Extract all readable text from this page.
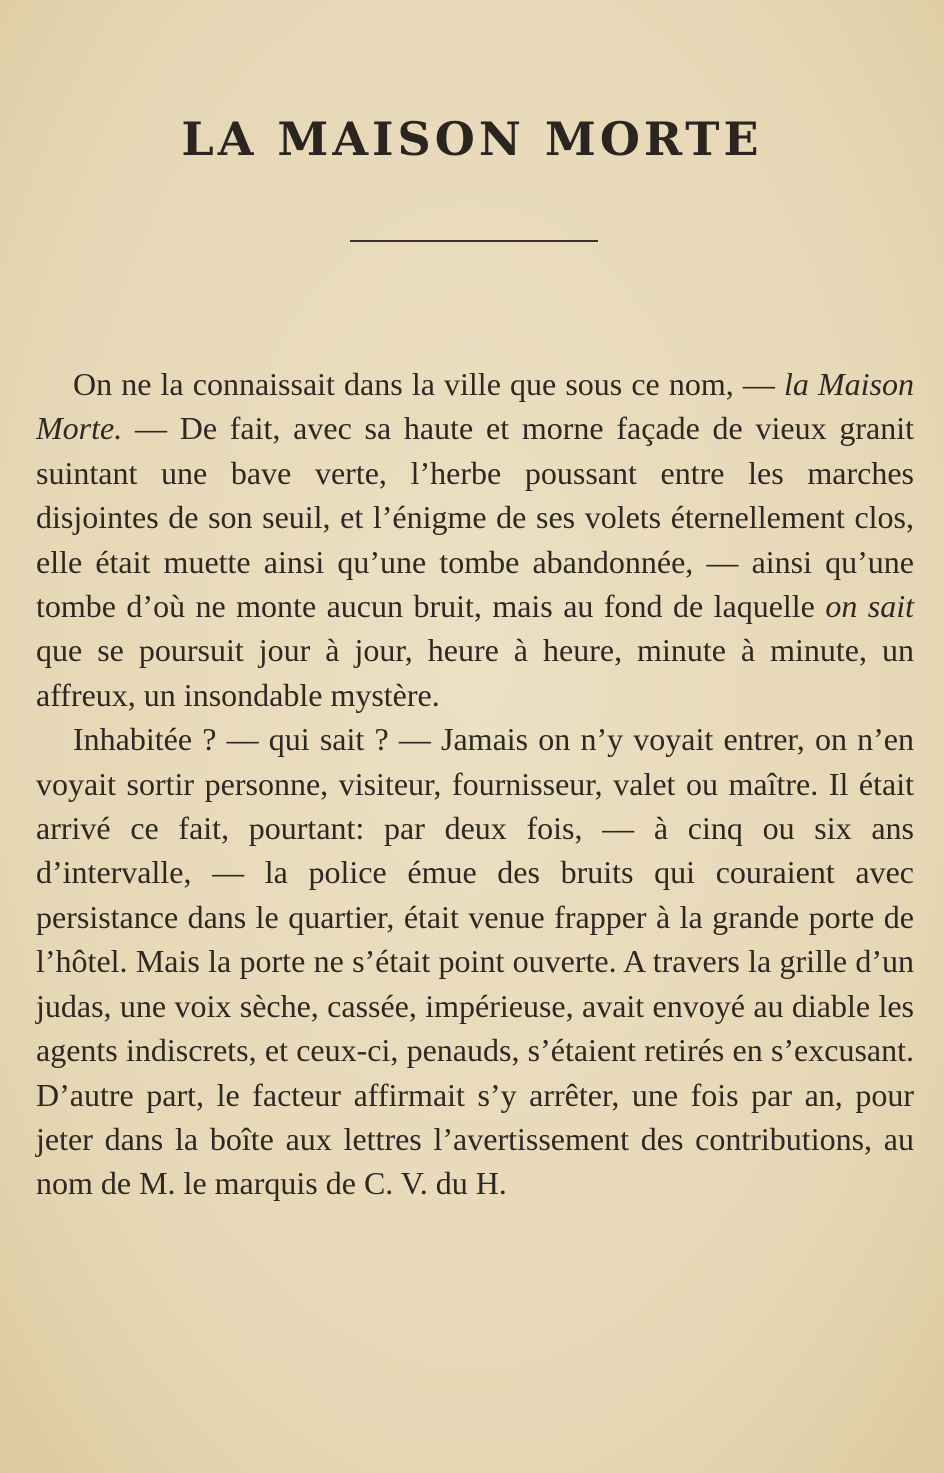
LA MAISON MORTE

On ne la connaissait dans la ville que sous ce nom, — la Maison Morte. — De fait, avec sa haute et morne façade de vieux granit suintant une bave verte, l’herbe poussant entre les marches disjointes de son seuil, et l’énigme de ses volets éternellement clos, elle était muette ainsi qu’une tombe abandonnée, — ainsi qu’une tombe d’où ne monte aucun bruit, mais au fond de laquelle on sait que se poursuit jour à jour, heure à heure, minute à minute, un affreux, un insondable mystère.

Inhabitée ? — qui sait ? — Jamais on n’y voyait entrer, on n’en voyait sortir personne, visiteur, fournisseur, valet ou maître. Il était arrivé ce fait, pourtant: par deux fois, — à cinq ou six ans d’intervalle, — la police émue des bruits qui couraient avec persistance dans le quartier, était venue frapper à la grande porte de l’hôtel. Mais la porte ne s’était point ouverte. A travers la grille d’un judas, une voix sèche, cassée, impérieuse, avait envoyé au diable les agents indiscrets, et ceux-ci, penauds, s’étaient retirés en s’excusant. D’autre part, le facteur affirmait s’y arrêter, une fois par an, pour jeter dans la boîte aux lettres l’avertissement des contributions, au nom de M. le marquis de C. V. du H.
